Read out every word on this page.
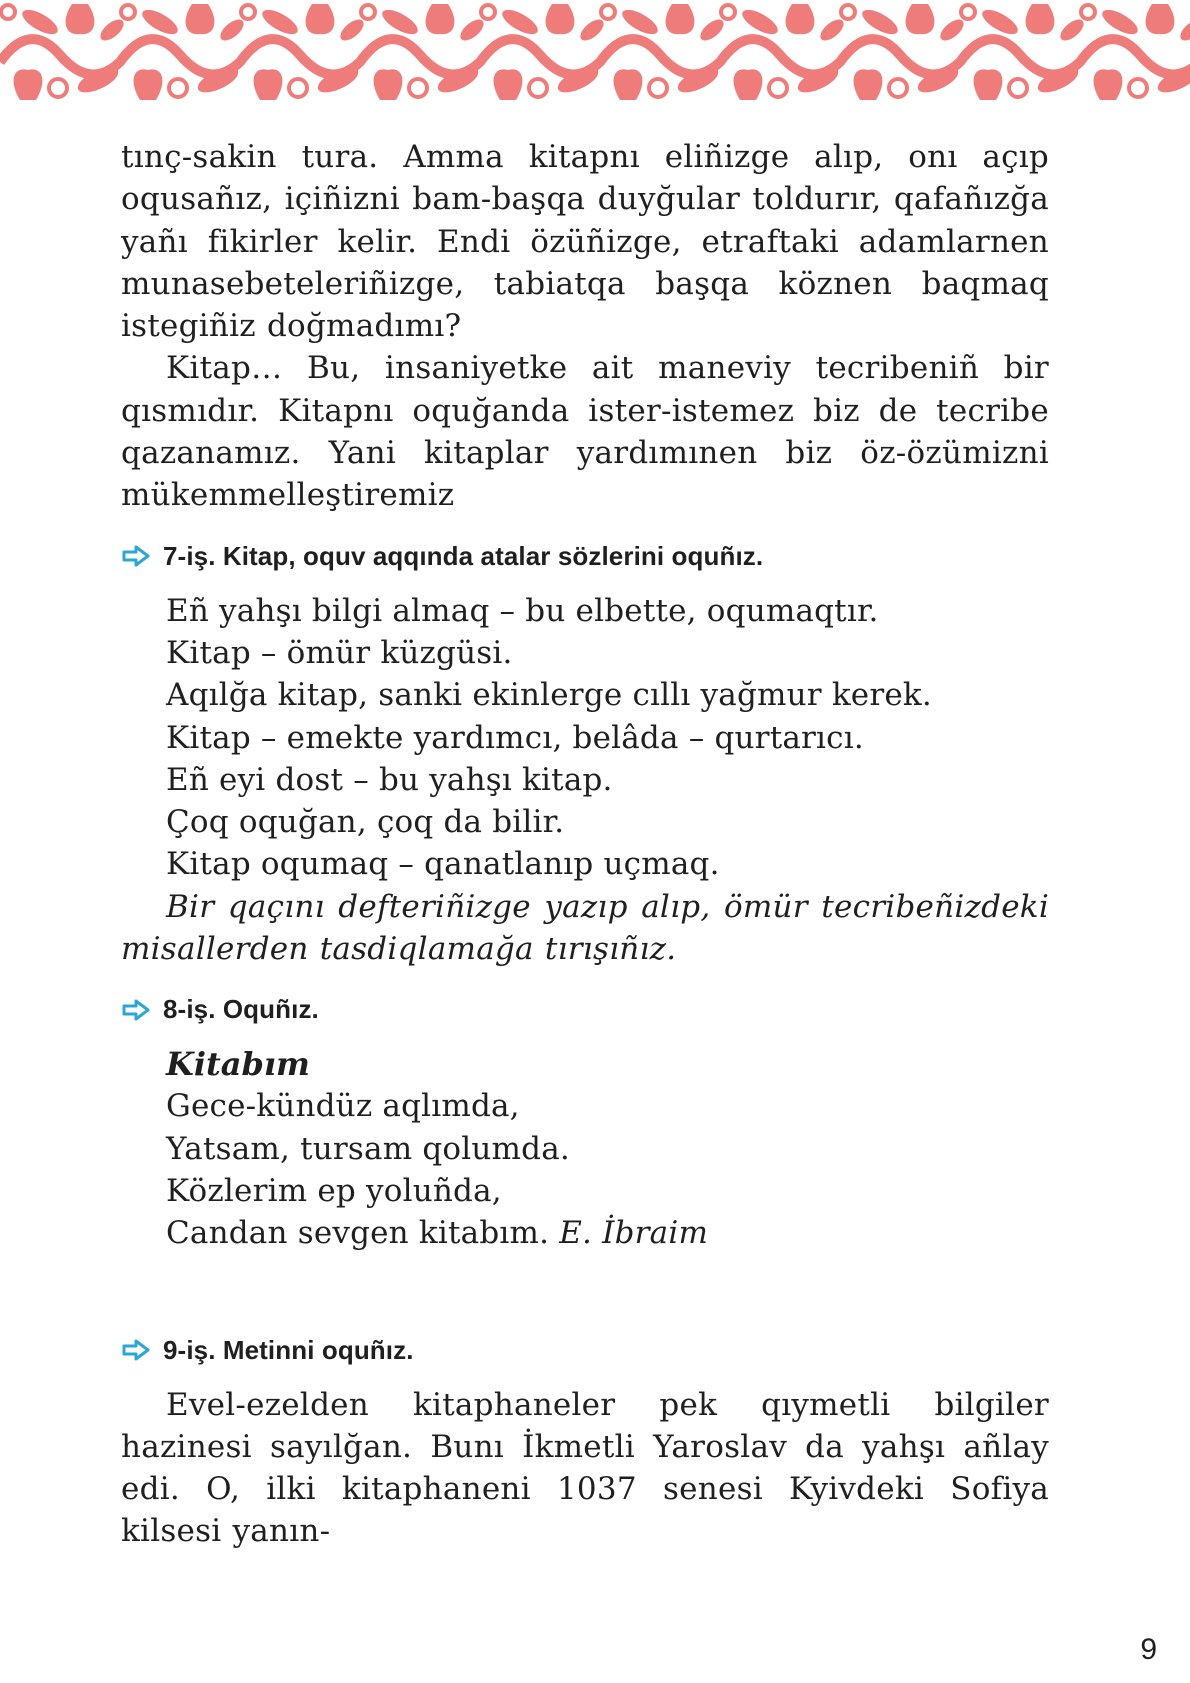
tınç-sakin tura. Amma kitapnı eliñizge alıp, onı açıp oqusañız, içiñizni bam-başqa duyğular toldurır, qafañızğa yañı fikirler kelir. Endi özüñizge, etraftaki adamlarnen munasebeteleriñizge, tabiatqa başqa köznen baqmaq istegiñiz doğmadımı?

Kitap… Bu, insaniyetke ait maneviy tecribeniñ bir qısmıdır. Kitapnı oquğanda ister-istemez biz de tecribe qazanamız. Yani kitaplar yardımınen biz öz-özümizni mükemmelleştiremiz

7-iş. Kitap, oquv aqqında atalar sözlerini oquñız.

Eñ yahşı bilgi almaq – bu elbette, oqumaqtır.

Kitap – ömür küzgüsi.

Aqılğa kitap, sanki ekinlerge cıllı yağmur kerek.

Kitap – emekte yardımcı, belâda – qurtarıcı.

Eñ eyi dost – bu yahşı kitap.

Çoq oquğan, çoq da bilir.

Kitap oqumaq – qanatlanıp uçmaq.

Bir qaçını defteriñizge yazıp alıp, ömür tecribeñizdeki misallerden tasdiqlamağa tırışıñız.

8-iş. Oquñız.

Kitabım

Gece-kündüz aqlımda,

Yatsam, tursam qolumda.

Közlerim ep yoluñda,

Candan sevgen kitabım. E. İbraim

9-iş. Metinni oquñız.

Evel-ezelden kitaphaneler pek qıymetli bilgiler hazinesi sayılğan. Bunı İkmetli Yaroslav da yahşı añlay edi. O, ilki kitaphaneni 1037 senesi Kyivdeki Sofiya kilsesi yanın-

9
